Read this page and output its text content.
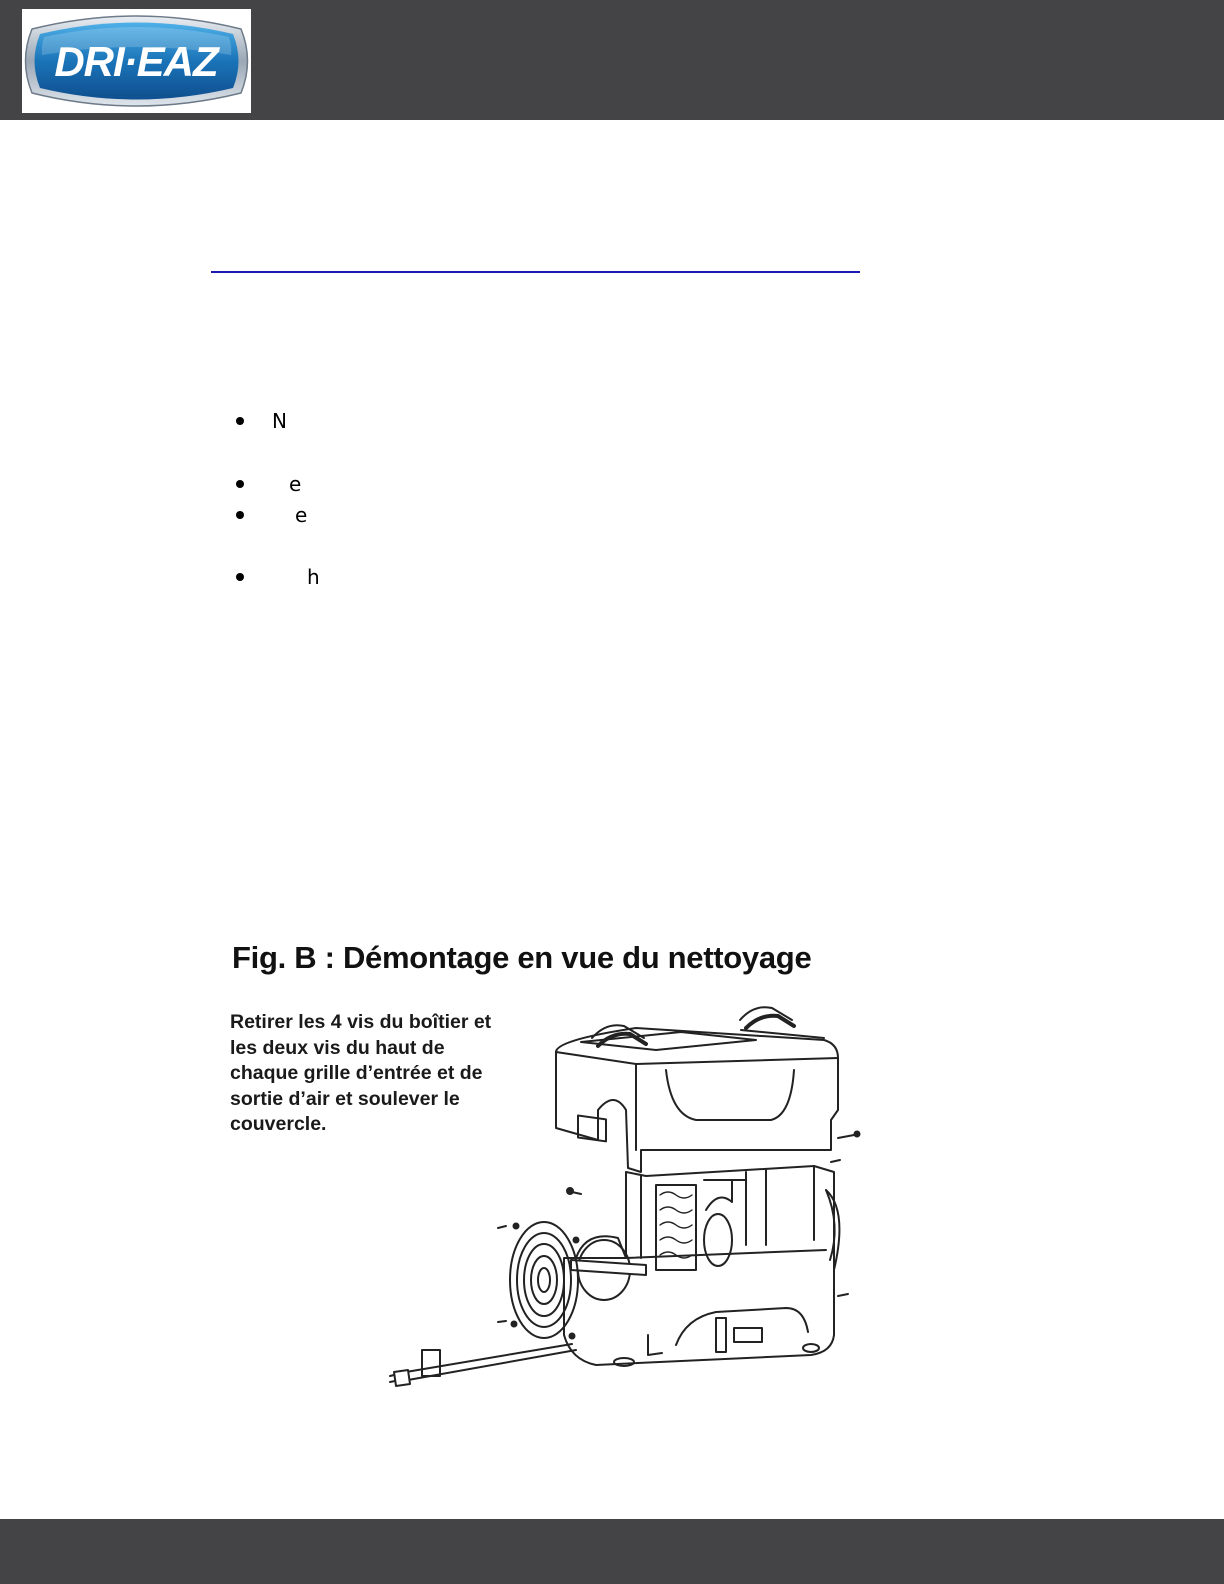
DRI·EAZ
N
e
e
h
Fig. B : Démontage en vue du nettoyage
Retirer les 4 vis du boîtier et
les deux vis du haut de
chaque grille d’entrée et de
sortie d’air et soulever le
couvercle.
